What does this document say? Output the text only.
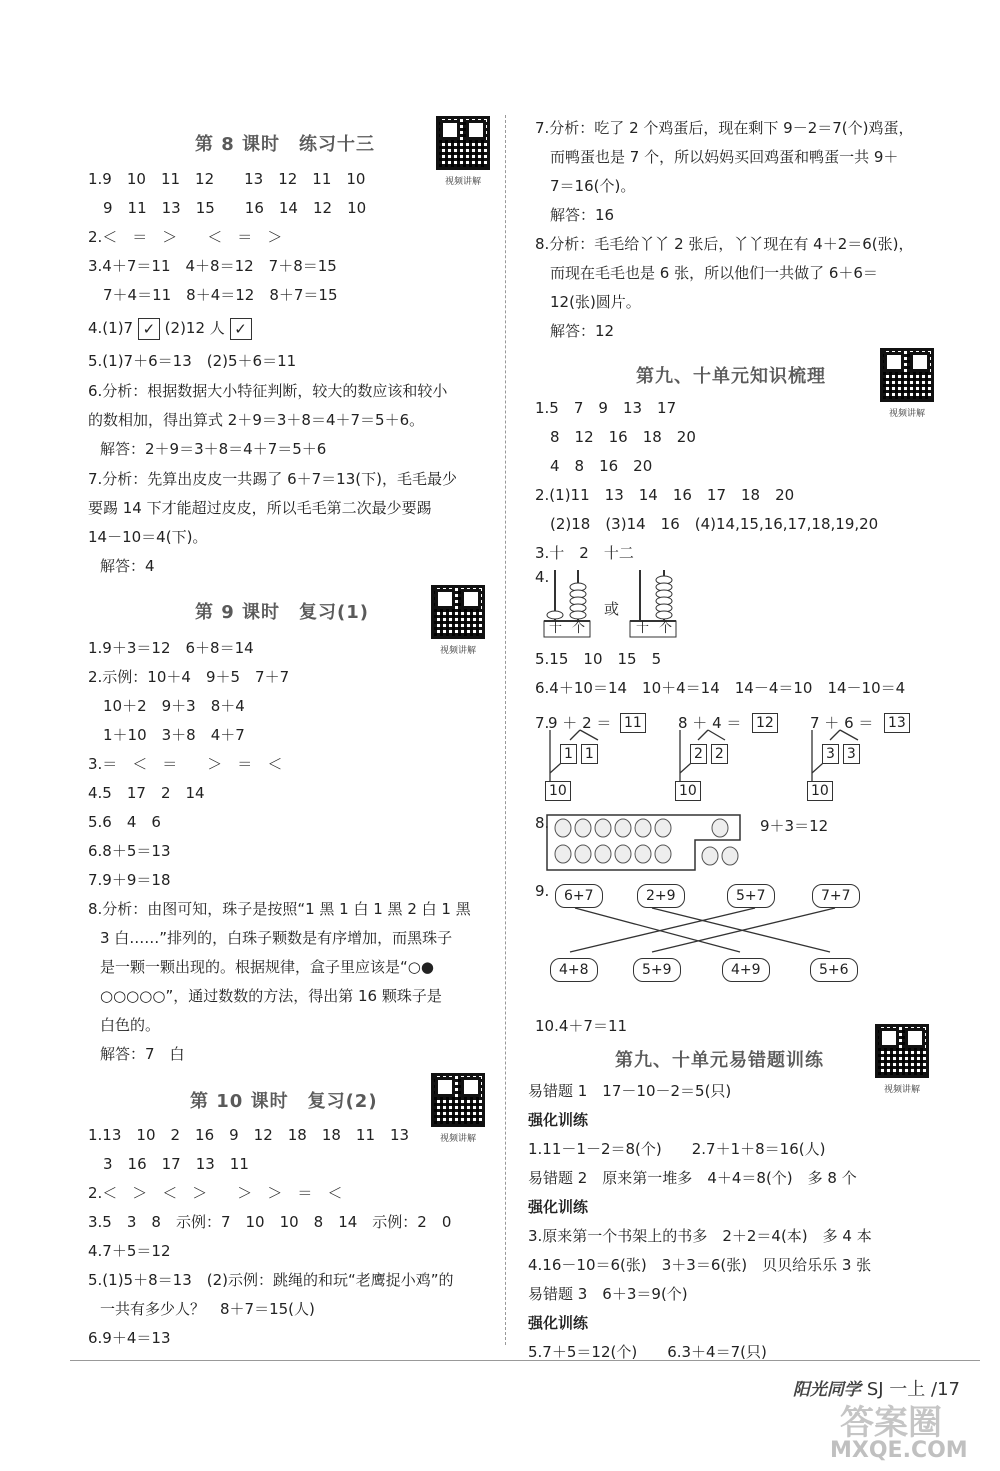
第 8 课时　练习十三
视频讲解
1.9　10　11　12　　13　12　11　10
　9　11　13　15　　16　14　12　10
2.＜　＝　＞　　＜　＝　＞
3.4＋7＝11　4＋8＝12　7＋8＝15
　7＋4＝11　8＋4＝12　8＋7＝15
4.(1)7 ✓ (2)12 人 ✓
5.(1)7＋6＝13　(2)5＋6＝11
6.分析：根据数据大小特征判断，较大的数应该和较小
的数相加，得出算式 2＋9＝3＋8＝4＋7＝5＋6。
解答：2＋9＝3＋8＝4＋7＝5＋6
7.分析：先算出皮皮一共踢了 6＋7＝13(下)，毛毛最少
要踢 14 下才能超过皮皮，所以毛毛第二次最少要踢
14－10＝4(下)。
解答：4
第 9 课时　复习(1)
视频讲解
1.9＋3＝12　6＋8＝14
2.示例：10＋4　9＋5　7＋7
　10＋2　9＋3　8＋4
　1＋10　3＋8　4＋7
3.＝　＜　＝　　＞　＝　＜
4.5　17　2　14
5.6　4　6
6.8＋5＝13
7.9＋9＝18
8.分析：由图可知，珠子是按照“1 黑 1 白 1 黑 2 白 1 黑
3 白……”排列的，白珠子颗数是有序增加，而黑珠子
是一颗一颗出现的。根据规律，盒子里应该是“○●
○○○○○”，通过数数的方法，得出第 16 颗珠子是
白色的。
解答：7　白
第 10 课时　复习(2)
视频讲解
1.13　10　2　16　9　12　18　18　11　13
　3　16　17　13　11
2.＜　＞　＜　＞　　＞　＞　＝　＜
3.5　3　8　示例：7　10　10　8　14　示例：2　0
4.7＋5＝12
5.(1)5＋8＝13　(2)示例：跳绳的和玩“老鹰捉小鸡”的
一共有多少人？　8＋7＝15(人)
6.9＋4＝13
7.分析：吃了 2 个鸡蛋后，现在剩下 9－2＝7(个)鸡蛋，
而鸭蛋也是 7 个，所以妈妈买回鸡蛋和鸭蛋一共 9＋
7＝16(个)。
解答：16
8.分析：毛毛给丫丫 2 张后，丫丫现在有 4＋2＝6(张)，
而现在毛毛也是 6 张，所以他们一共做了 6＋6＝
12(张)圆片。
解答：12
第九、十单元知识梳理
视频讲解
1.5　7　9　13　17
　8　12　16　18　20
　4　8　16　20
2.(1)11　13　14　16　17　18　20
　(2)18　(3)14　16　(4)14,15,16,17,18,19,20
3.十　2　十二
4.
十 个
或
十 个
5.15　10　15　5
6.4＋10＝14　10＋4＝14　14－4＝10　14－10＝4
7.
9 ＋ 2 ＝ 11
1 1
10
8 ＋ 4 ＝ 12
2 2
10
7 ＋ 6 ＝ 13
3 3
10
8.	9＋3＝12
9.	6+7	2+9	5+7	7+7
4+8	5+9	4+9	5+6
10.4＋7＝11
第九、十单元易错题训练
视频讲解
易错题 1　17－10－2＝5(只)
强化训练
1.11－1－2＝8(个)　　2.7＋1＋8＝16(人)
易错题 2　原来第一堆多　4＋4＝8(个)　多 8 个
强化训练
3.原来第一个书架上的书多　2＋2＝4(本)　多 4 本
4.16－10＝6(张)　3＋3＝6(张)　贝贝给乐乐 3 张
易错题 3　6＋3＝9(个)
强化训练
5.7＋5＝12(个)　　6.3＋4＝7(只)
阳光同学 SJ 一上 /17
答案圈
MXQE.COM
